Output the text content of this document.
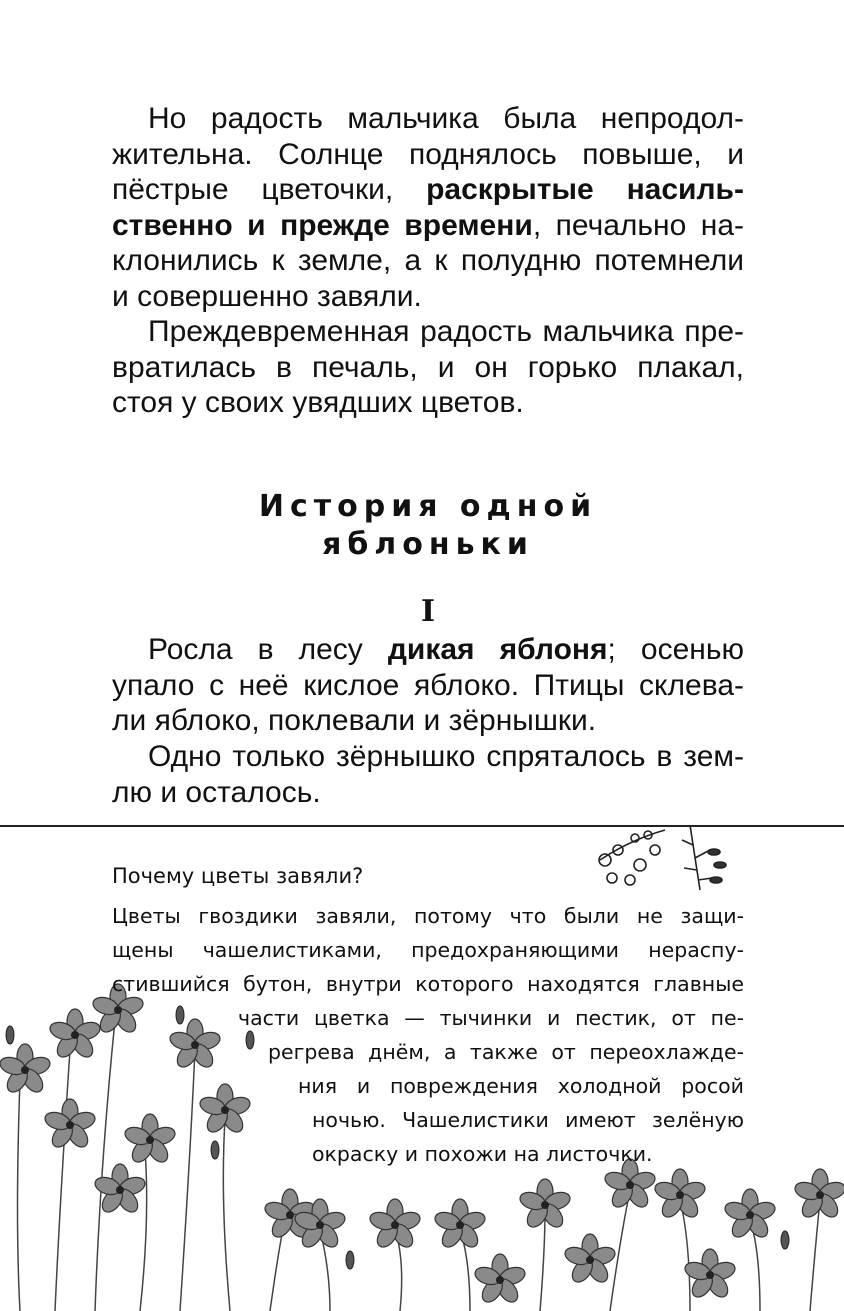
Но радость мальчика была непродол-
жительна. Солнце поднялось повыше, и
пёстрые цветочки, раскрытые насиль-
ственно и прежде времени, печально на-
клонились к земле, а к полудню потемнели
и совершенно завяли.
Преждевременная радость мальчика пре-
вратилась в печаль, и он горько плакал,
стоя у своих увядших цветов.
История одной
яблоньки
I
Росла в лесу дикая яблоня; осенью
упало с неё кислое яблоко. Птицы склева-
ли яблоко, поклевали и зёрнышки.
Одно только зёрнышко спряталось в зем-
лю и осталось.
Почему цветы завяли?
Цветы гвоздики завяли, потому что были не защи-
щены чашелистиками, предохраняющими нераспу-
стившийся бутон, внутри которого находятся главные
части цветка — тычинки и пестик, от пе-
регрева днём, а также от переохлажде-
ния и повреждения холодной росой
ночью. Чашелистики имеют зелёную
окраску и похожи на листочки.
